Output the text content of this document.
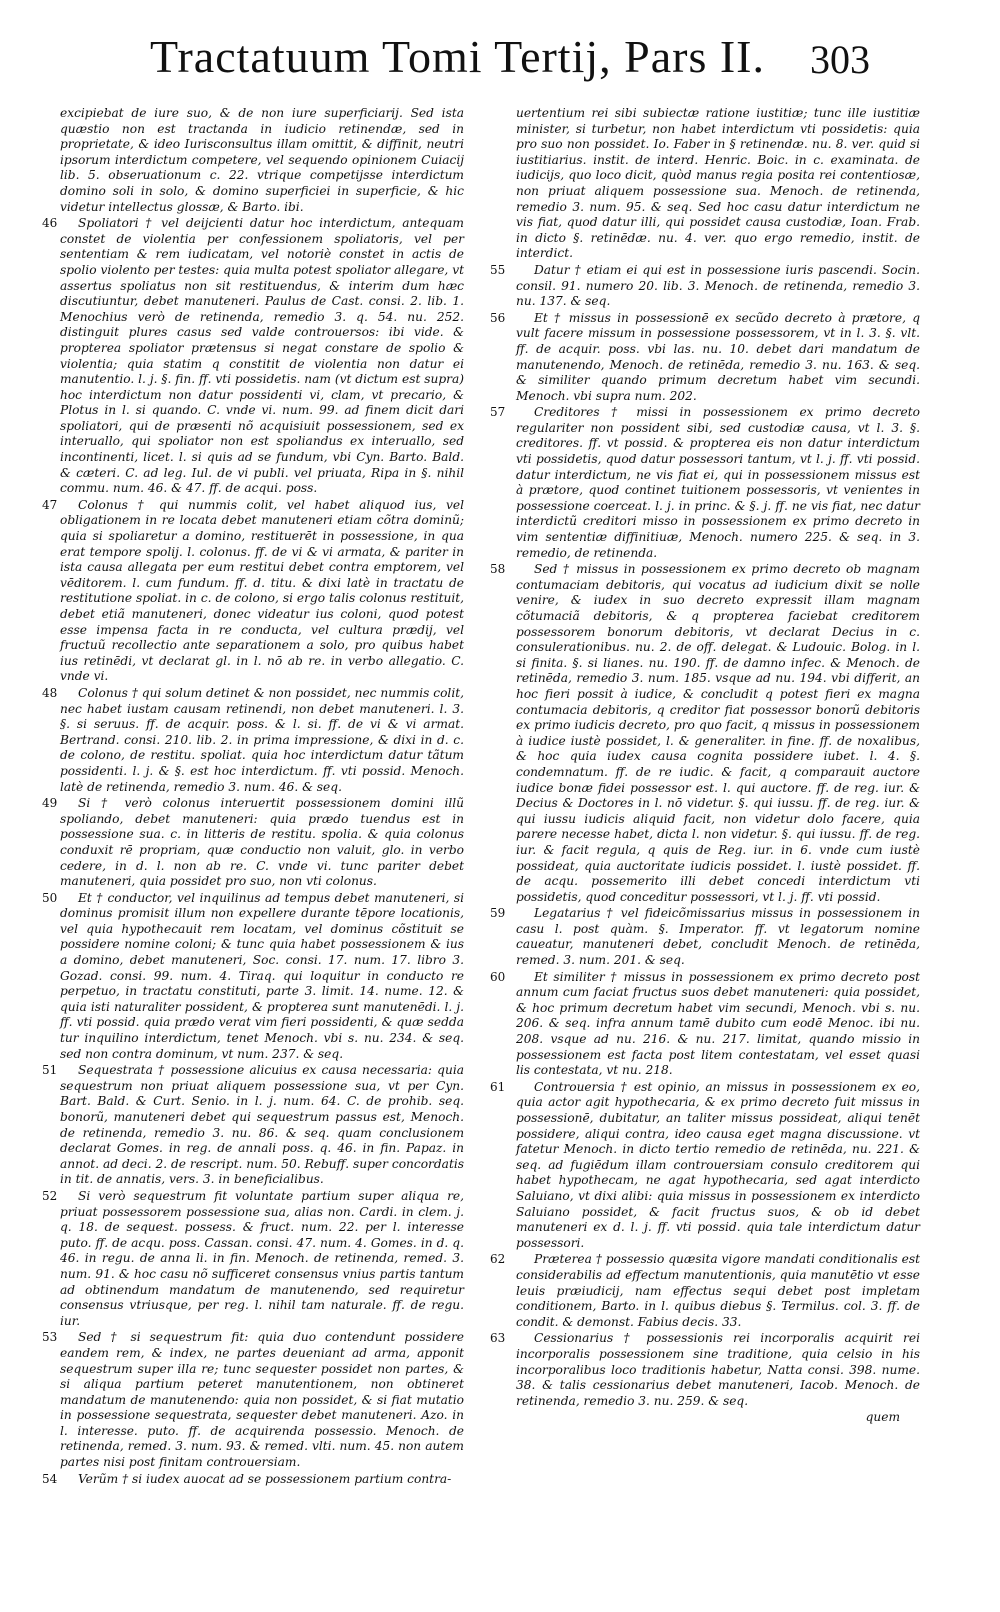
Tractatuum Tomi Tertij, Pars II. 303

excipiebat de iure suo, & de non iure superficiarij. Sed ista quæstio non est tractanda in iudicio retinendæ, sed in proprietate, & ideo Iurisconsultus illam omittit, & diffinit, neutri ipsorum interdictum competere, vel sequendo opinionem Cuiacij lib. 5. obseruationum c. 22. vtrique competijsse interdictum domino soli in solo, & domino superficiei in superficie, & hic videtur intellectus glossæ, & Barto. ibi.

46 Spoliatori † vel deijcienti datur hoc interdictum, antequam constet de violentia per confessionem spoliatoris, vel per sententiam & rem iudicatam, vel notoriè constet in actis de spolio violento per testes: quia multa potest spoliator allegare, vt assertus spoliatus non sit restituendus, & interim dum hæc discutiuntur, debet manuteneri. Paulus de Cast. consi. 2. lib. 1. Menochius verò de retinenda, remedio 3. q. 54. nu. 252. distinguit plures casus sed valde controuersos: ibi vide. & propterea spoliator prætensus si negat constare de spolio & violentia; quia statim q constitit de violentia non datur ei manutentio. l. j. §. fin. ff. vti possidetis. nam (vt dictum est supra) hoc interdictum non datur possidenti vi, clam, vt precario, & Plotus in l. si quando. C. vnde vi. num. 99. ad finem dicit dari spoliatori, qui de præsenti nõ acquisiuit possessionem, sed ex interuallo, qui spoliator non est spoliandus ex interuallo, sed incontinenti, licet. l. si quis ad se fundum, vbi Cyn. Barto. Bald. & cæteri. C. ad leg. Iul. de vi publi. vel priuata, Ripa in §. nihil commu. num. 46. & 47. ff. de acqui. poss.

47 Colonus † qui nummis colit, vel habet aliquod ius, vel obligationem in re locata debet manuteneri etiam cõtra dominũ; quia si spoliaretur a domino, restituerēt in possessione, in qua erat tempore spolij. l. colonus. ff. de vi & vi armata, & pariter in ista causa allegata per eum restitui debet contra emptorem, vel vēditorem. l. cum fundum. ff. d. titu. & dixi latè in tractatu de restitutione spoliat. in c. de colono, si ergo talis colonus restituit, debet etiã manuteneri, donec videatur ius coloni, quod potest esse impensa facta in re conducta, vel cultura prædij, vel fructuũ recollectio ante separationem a solo, pro quibus habet ius retinēdi, vt declarat gl. in l. nō ab re. in verbo allegatio. C. vnde vi.

48 Colonus † qui solum detinet & non possidet, nec nummis colit, nec habet iustam causam retinendi, non debet manuteneri. l. 3. §. si seruus. ff. de acquir. poss. & l. si. ff. de vi & vi armat. Bertrand. consi. 210. lib. 2. in prima impressione, & dixi in d. c. de colono, de restitu. spoliat. quia hoc interdictum datur tãtum possidenti. l. j. & §. est hoc interdictum. ff. vti possid. Menoch. latè de retinenda, remedio 3. num. 46. & seq.

49 Si † verò colonus interuertit possessionem domini illũ spoliando, debet manuteneri: quia prædo tuendus est in possessione sua. c. in litteris de restitu. spolia. & quia colonus conduxit rē propriam, quæ conductio non valuit, glo. in verbo cedere, in d. l. non ab re. C. vnde vi. tunc pariter debet manuteneri, quia possidet pro suo, non vti colonus.

50 Et † conductor, vel inquilinus ad tempus debet manuteneri, si dominus promisit illum non expellere durante tēpore locationis, vel quia hypothecauit rem locatam, vel dominus cõstituit se possidere nomine coloni; & tunc quia habet possessionem & ius a domino, debet manuteneri, Soc. consi. 17. num. 17. libro 3. Gozad. consi. 99. num. 4. Tiraq. qui loquitur in conducto re perpetuo, in tractatu constituti, parte 3. limit. 14. nume. 12. & quia isti naturaliter possident, & propterea sunt manutenēdi. l. j. ff. vti possid. quia prædo verat vim fieri possidenti, & quæ sedda tur inquilino interdictum, tenet Menoch. vbi s. nu. 234. & seq. sed non contra dominum, vt num. 237. & seq.

51 Sequestrata † possessione alicuius ex causa necessaria: quia sequestrum non priuat aliquem possessione sua, vt per Cyn. Bart. Bald. & Curt. Senio. in l. j. num. 64. C. de prohib. seq. bonorũ, manuteneri debet qui sequestrum passus est, Menoch. de retinenda, remedio 3. nu. 86. & seq. quam conclusionem declarat Gomes. in reg. de annali poss. q. 46. in fin. Papaz. in annot. ad deci. 2. de rescript. num. 50. Rebuff. super concordatis in tit. de annatis, vers. 3. in beneficialibus.

52 Si verò sequestrum fit voluntate partium super aliqua re, priuat possessorem possessione sua, alias non. Cardi. in clem. j. q. 18. de sequest. possess. & fruct. num. 22. per l. interesse puto. ff. de acqu. poss. Cassan. consi. 47. num. 4. Gomes. in d. q. 46. in regu. de anna li. in fin. Menoch. de retinenda, remed. 3. num. 91. & hoc casu nõ sufficeret consensus vnius partis tantum ad obtinendum mandatum de manutenendo, sed requiretur consensus vtriusque, per reg. l. nihil tam naturale. ff. de regu. iur.

53 Sed † si sequestrum fit: quia duo contendunt possidere eandem rem, & index, ne partes deueniant ad arma, apponit sequestrum super illa re; tunc sequester possidet non partes, & si aliqua partium peteret manutentionem, non obtineret mandatum de manutenendo: quia non possidet, & si fiat mutatio in possessione sequestrata, sequester debet manuteneri. Azo. in l. interesse. puto. ff. de acquirenda possessio. Menoch. de retinenda, remed. 3. num. 93. & remed. vlti. num. 45. non autem partes nisi post finitam controuersiam.

54 Verũm † si iudex auocat ad se possessionem partium contra-

uertentium rei sibi subiectæ ratione iustitiæ; tunc ille iustitiæ minister, si turbetur, non habet interdictum vti possidetis: quia pro suo non possidet. Io. Faber in § retinendæ. nu. 8. ver. quid si iustitiarius. instit. de interd. Henric. Boic. in c. examinata. de iudicijs, quo loco dicit, quòd manus regia posita rei contentiosæ, non priuat aliquem possessione sua. Menoch. de retinenda, remedio 3. num. 95. & seq. Sed hoc casu datur interdictum ne vis fiat, quod datur illi, qui possidet causa custodiæ, Ioan. Frab. in dicto §. retinēdæ. nu. 4. ver. quo ergo remedio, instit. de interdict.

55 Datur † etiam ei qui est in possessione iuris pascendi. Socin. consil. 91. numero 20. lib. 3. Menoch. de retinenda, remedio 3. nu. 137. & seq.

56 Et † missus in possessionē ex secũdo decreto à prætore, q vult facere missum in possessione possessorem, vt in l. 3. §. vlt. ff. de acquir. poss. vbi las. nu. 10. debet dari mandatum de manutenendo, Menoch. de retinēda, remedio 3. nu. 163. & seq. & similiter quando primum decretum habet vim secundi. Menoch. vbi supra num. 202.

57 Creditores † missi in possessionem ex primo decreto regulariter non possident sibi, sed custodiæ causa, vt l. 3. §. creditores. ff. vt possid. & propterea eis non datur interdictum vti possidetis, quod datur possessori tantum, vt l. j. ff. vti possid. datur interdictum, ne vis fiat ei, qui in possessionem missus est à prætore, quod continet tuitionem possessoris, vt venientes in possessione coerceat. l. j. in princ. & §. j. ff. ne vis fiat, nec datur interdictũ creditori misso in possessionem ex primo decreto in vim sententiæ diffinitiuæ, Menoch. numero 225. & seq. in 3. remedio, de retinenda.

58 Sed † missus in possessionem ex primo decreto ob magnam contumaciam debitoris, qui vocatus ad iudicium dixit se nolle venire, & iudex in suo decreto expressit illam magnam cõtumaciã debitoris, & q propterea faciebat creditorem possessorem bonorum debitoris, vt declarat Decius in c. consulerationibus. nu. 2. de off. delegat. & Ludouic. Bolog. in l. si finita. §. si lianes. nu. 190. ff. de damno infec. & Menoch. de retinēda, remedio 3. num. 185. vsque ad nu. 194. vbi differit, an hoc fieri possit à iudice, & concludit q potest fieri ex magna contumacia debitoris, q creditor fiat possessor bonorũ debitoris ex primo iudicis decreto, pro quo facit, q missus in possessionem à iudice iustè possidet, l. & generaliter. in fine. ff. de noxalibus, & hoc quia iudex causa cognita possidere iubet. l. 4. §. condemnatum. ff. de re iudic. & facit, q comparauit auctore iudice bonæ fidei possessor est. l. qui auctore. ff. de reg. iur. & Decius & Doctores in l. nō videtur. §. qui iussu. ff. de reg. iur. & qui iussu iudicis aliquid facit, non videtur dolo facere, quia parere necesse habet, dicta l. non videtur. §. qui iussu. ff. de reg. iur. & facit regula, q quis de Reg. iur. in 6. vnde cum iustè possideat, quia auctoritate iudicis possidet. l. iustè possidet. ff. de acqu. possemerito illi debet concedi interdictum vti possidetis, quod conceditur possessori, vt l. j. ff. vti possid.

59 Legatarius † vel fideicõmissarius missus in possessionem in casu l. post quàm. §. Imperator. ff. vt legatorum nomine caueatur, manuteneri debet, concludit Menoch. de retinēda, remed. 3. num. 201. & seq.

60 Et similiter † missus in possessionem ex primo decreto post annum cum faciat fructus suos debet manuteneri: quia possidet, & hoc primum decretum habet vim secundi, Menoch. vbi s. nu. 206. & seq. infra annum tamē dubito cum eodē Menoc. ibi nu. 208. vsque ad nu. 216. & nu. 217. limitat, quando missio in possessionem est facta post litem contestatam, vel esset quasi lis contestata, vt nu. 218.

61 Controuersia † est opinio, an missus in possessionem ex eo, quia actor agit hypothecaria, & ex primo decreto fuit missus in possessionē, dubitatur, an taliter missus possideat, aliqui tenēt possidere, aliqui contra, ideo causa eget magna discussione. vt fatetur Menoch. in dicto tertio remedio de retinēda, nu. 221. & seq. ad fugiēdum illam controuersiam consulo creditorem qui habet hypothecam, ne agat hypothecaria, sed agat interdicto Saluiano, vt dixi alibi: quia missus in possessionem ex interdicto Saluiano possidet, & facit fructus suos, & ob id debet manuteneri ex d. l. j. ff. vti possid. quia tale interdictum datur possessori.

62 Præterea † possessio quæsita vigore mandati conditionalis est considerabilis ad effectum manutentionis, quia manutētio vt esse leuis præiudicij, nam effectus sequi debet post impletam conditionem, Barto. in l. quibus diebus §. Termilus. col. 3. ff. de condit. & demonst. Fabius decis. 33.

63 Cessionarius † possessionis rei incorporalis acquirit rei incorporalis possessionem sine traditione, quia celsio in his incorporalibus loco traditionis habetur, Natta consi. 398. nume. 38. & talis cessionarius debet manuteneri, Iacob. Menoch. de retinenda, remedio 3. nu. 259. & seq.

quem
